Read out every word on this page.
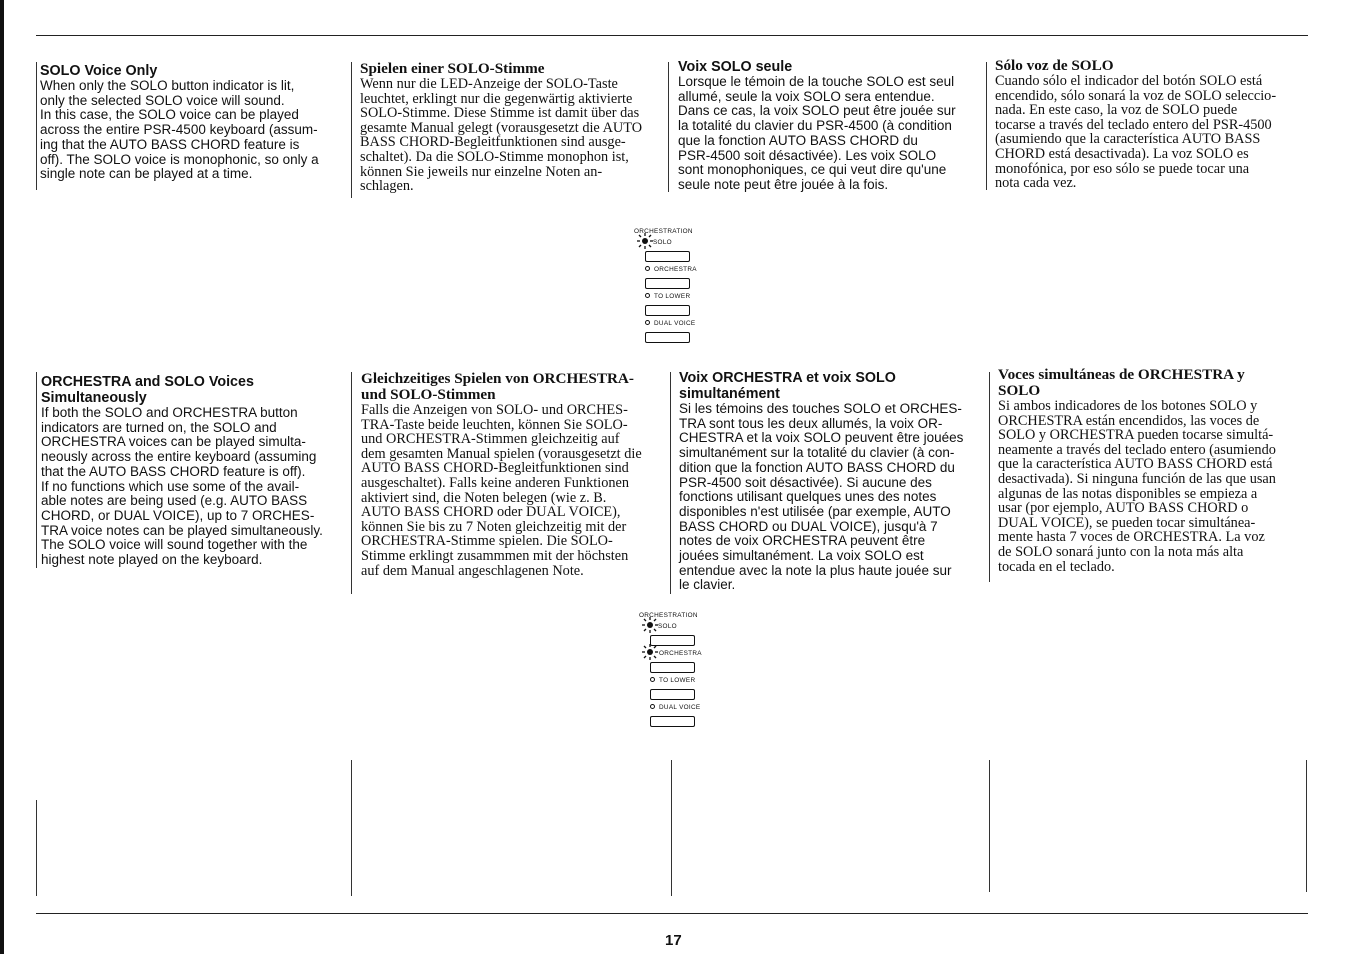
SOLO Voice Only

When only the SOLO button indicator is lit,
only the selected SOLO voice will sound.
In this case, the SOLO voice can be played
across the entire PSR-4500 keyboard (assum-
ing that the AUTO BASS CHORD feature is
off). The SOLO voice is monophonic, so only a
single note can be played at a time.

Spielen einer SOLO-Stimme

Wenn nur die LED-Anzeige der SOLO-Taste
leuchtet, erklingt nur die gegenwärtig aktivierte
SOLO-Stimme. Diese Stimme ist damit über das
gesamte Manual gelegt (vorausgesetzt die AUTO
BASS CHORD-Begleitfunktionen sind ausge-
schaltet). Da die SOLO-Stimme monophon ist,
können Sie jeweils nur einzelne Noten an-
schlagen.

Voix SOLO seule

Lorsque le témoin de la touche SOLO est seul
allumé, seule la voix SOLO sera entendue.
Dans ce cas, la voix SOLO peut être jouée sur
la totalité du clavier du PSR-4500 (à condition
que la fonction AUTO BASS CHORD du
PSR-4500 soit désactivée). Les voix SOLO
sont monophoniques, ce qui veut dire qu'une
seule note peut être jouée à la fois.

Sólo voz de SOLO

Cuando sólo el indicador del botón SOLO está
encendido, sólo sonará la voz de SOLO seleccio-
nada. En este caso, la voz de SOLO puede
tocarse a través del teclado entero del PSR-4500
(asumiendo que la característica AUTO BASS
CHORD está desactivada). La voz SOLO es
monofónica, por eso sólo se puede tocar una
nota cada vez.

ORCHESTRATION
SOLO
ORCHESTRA
TO LOWER
DUAL VOICE
ORCHESTRA and SOLO Voices
Simultaneously

If both the SOLO and ORCHESTRA button
indicators are turned on, the SOLO and
ORCHESTRA voices can be played simulta-
neously across the entire keyboard (assuming
that the AUTO BASS CHORD feature is off).
If no functions which use some of the avail-
able notes are being used (e.g. AUTO BASS
CHORD, or DUAL VOICE), up to 7 ORCHES-
TRA voice notes can be played simultaneously.
The SOLO voice will sound together with the
highest note played on the keyboard.

Gleichzeitiges Spielen von ORCHESTRA-
und SOLO-Stimmen

Falls die Anzeigen von SOLO- und ORCHES-
TRA-Taste beide leuchten, können Sie SOLO-
und ORCHESTRA-Stimmen gleichzeitig auf
dem gesamten Manual spielen (vorausgesetzt die
AUTO BASS CHORD-Begleitfunktionen sind
ausgeschaltet). Falls keine anderen Funktionen
aktiviert sind, die Noten belegen (wie z. B.
AUTO BASS CHORD oder DUAL VOICE),
können Sie bis zu 7 Noten gleichzeitig mit der
ORCHESTRA-Stimme spielen. Die SOLO-
Stimme erklingt zusammmen mit der höchsten
auf dem Manual angeschlagenen Note.

Voix ORCHESTRA et voix SOLO
simultanément

Si les témoins des touches SOLO et ORCHES-
TRA sont tous les deux allumés, la voix OR-
CHESTRA et la voix SOLO peuvent être jouées
simultanément sur la totalité du clavier (à con-
dition que la fonction AUTO BASS CHORD du
PSR-4500 soit désactivée). Si aucune des
fonctions utilisant quelques unes des notes
disponibles n'est utilisée (par exemple, AUTO
BASS CHORD ou DUAL VOICE), jusqu'à 7
notes de voix ORCHESTRA peuvent être
jouées simultanément. La voix SOLO est
entendue avec la note la plus haute jouée sur
le clavier.

Voces simultáneas de ORCHESTRA y
SOLO

Si ambos indicadores de los botones SOLO y
ORCHESTRA están encendidos, las voces de
SOLO y ORCHESTRA pueden tocarse simultá-
neamente a través del teclado entero (asumiendo
que la característica AUTO BASS CHORD está
desactivada). Si ninguna función de las que usan
algunas de las notas disponibles se empieza a
usar (por ejemplo, AUTO BASS CHORD o
DUAL VOICE), se pueden tocar simultánea-
mente hasta 7 voces de ORCHESTRA. La voz
de SOLO sonará junto con la nota más alta
tocada en el teclado.

ORCHESTRATION
SOLO
ORCHESTRA
TO LOWER
DUAL VOICE
17
